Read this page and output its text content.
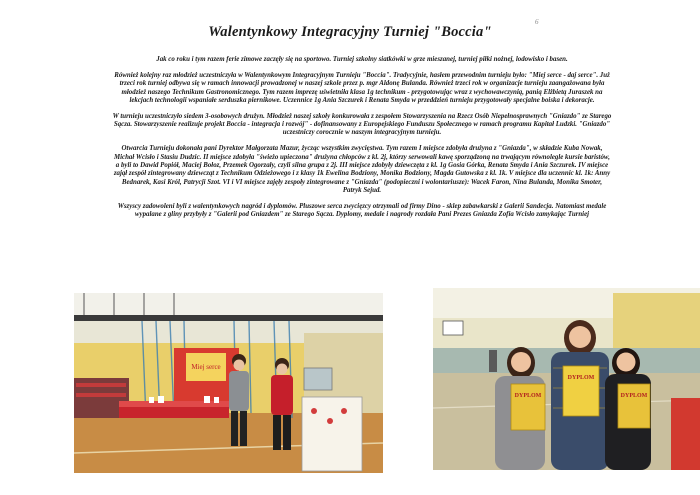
6
Walentynkowy Integracyjny Turniej "Boccia"

Jak co roku i tym razem ferie zimowe zaczęły się na sportowo. Turniej szkolny siatkówki w grze mieszanej, turniej piłki nożnej, lodowisko i basen.

Również kolejny raz młodzież uczestniczyła w Walentynkowym Integracyjnym Turnieju "Boccia". Tradycyjnie, hasłem przewodnim turnieju było: "Miej serce - daj serce". Już trzeci rok turniej odbywa się w ramach innowacji prowadzonej w naszej szkole przez p. mgr Aldonę Bulanda. Również trzeci rok w organizacje turnieju zaangażowana była młodzież naszego Technikum Gastronomicznego. Tym razem imprezę uświetniła klasa 1g technikum - przygotowując wraz z wychowawczynią, panią Elżbietą Juraszek na lekcjach technologii wspaniałe serduszka piernikowe. Uczennice 1g Ania Szczurek i Renata Smyda w przeddzień turnieju przygotowały specjalne boiska i dekoracje.

W turnieju uczestniczyło siedem 3-osobowych drużyn. Młodzież naszej szkoły konkurowała z zespołem Stowarzyszenia na Rzecz Osób Niepełnosprawnych "Gniazdo" ze Starego Sącza. Stowarzyszenie realizuje projekt Boccia - integracja i rozwój" - dofinansowany z Europejskiego Funduszu Społecznego w ramach programu Kapitał Ludzki. "Gniazdo" uczestniczy corocznie w naszym integracyjnym turnieju.

Otwarcia Turnieju dokonała pani Dyrektor Małgorzata Mazur, życząc wszystkim zwycięstwa. Tym razem I miejsce zdobyła drużyna z "Gniazda", w składzie Kuba Nowak, Michał Wcisło i Stasiu Dudzic. II miejsce zdobyła "świeżo upieczona" drużyna chłopców z kl. 2j, którzy serwowali kawę sporządzoną na trwającym równolegle kursie baristów, a byli to Dawid Popiół, Maciej Bołoz, Przemek Ogorzały, czyli silna grupa z 2j. III miejsce zdobyły dziewczęta z kl. 1g Gosia Górka, Renata Smyda i Ania Szczurek. IV miejsce zajął zespół zintegrowany dziewcząt z Technikum Odzieżowego i z klasy 1k Ewelina Bodziony, Monika Bodziony, Magda Gutowska z kl. 1k. V miejsce dla uczennic kl. 1k: Anny Bednarek, Kasi Król, Patrycji Szot. VI i VI miejsce zajęły zespoły zintegrowane z "Gniazda" (podopieczni i wolontariusze): Wacek Faron, Nina Bulanda, Monika Smoter, Patryk Sejud.

Wszyscy zadowoleni byli z walentynkowych nagród i dyplomów. Pluszowe serca zwycięzcy otrzymali od firmy Dino - sklep zabawkarski z Galerii Sandecja. Natomiast medale wypalane z gliny przybyły z "Galerii pod Gniazdem" ze Starego Sącza. Dyplomy, medale i nagrody rozdała Pani Prezes Gniazda Zofia Wcisło zamykając Turniej

Miej serce
DYPLOM
DYPLOM
DYPLOM
